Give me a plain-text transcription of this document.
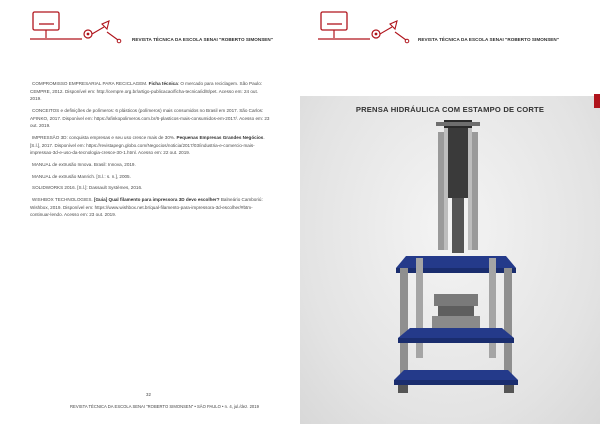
REVISTA TÉCNICA DA ESCOLA SENAI "ROBERTO SIMONSEN"

COMPROMISSO EMPRESARIAL PARA RECICLAGEM. Ficha técnica: O mercado para reciclagem. São Paulo: CEMPRE, 2012. Disponível em: http://cempre.org.br/artigo-publicacao/ficha-tecnica/id/8/pet. Acesso em: 24 out. 2019.

CONCEITOS e definições de polímeros: 6 plásticos (polímeros) mais consumidos no Brasil em 2017. São Carlos: AFINKO, 2017. Disponível em: https://afinkopolimeros.com.br/6-plasticos-mais-consumidos-em-2017/. Acesso em: 23 out. 2019.

IMPRESSÃO 3D: conquista empresas e seu uso cresce mais de 30%. Pequenas Empresas Grandes Negócios. [S.l.], 2017. Disponível em: https://revistapegn.globo.com/Negocios/noticia/2017/03/industria-e-comercio-mais-impressao-3d-e-uso-da-tecnologia-cresce-30-1.html. Acesso em: 22 out. 2019.

MANUAL de extrusão Innova. Brasil: Innova, 2019.

MANUAL de extrusão Manrich. [S.l.: s. n.], 2005.

SOLIDWORKS 2016. [S.l.]: Dassault Systèmes, 2016.

WISHBOX TECHNOLOGIES. [Guia] Qual filamento para impressora 3D devo escolher? Balneário Camboriú: Wishbox, 2019. Disponível em: https://www.wishbox.net.br/qual-filamento-para-impressora-3d-escolher/#btm-continuar-lendo. Acesso em: 23 out. 2019.

32
REVISTA TÉCNICA DA ESCOLA SENAI "ROBERTO SIMONSEN" • SÃO PAULO • n. 4, jul./dez. 2019
REVISTA TÉCNICA DA ESCOLA SENAI "ROBERTO SIMONSEN"
PRENSA HIDRÁULICA COM ESTAMPO DE CORTE
